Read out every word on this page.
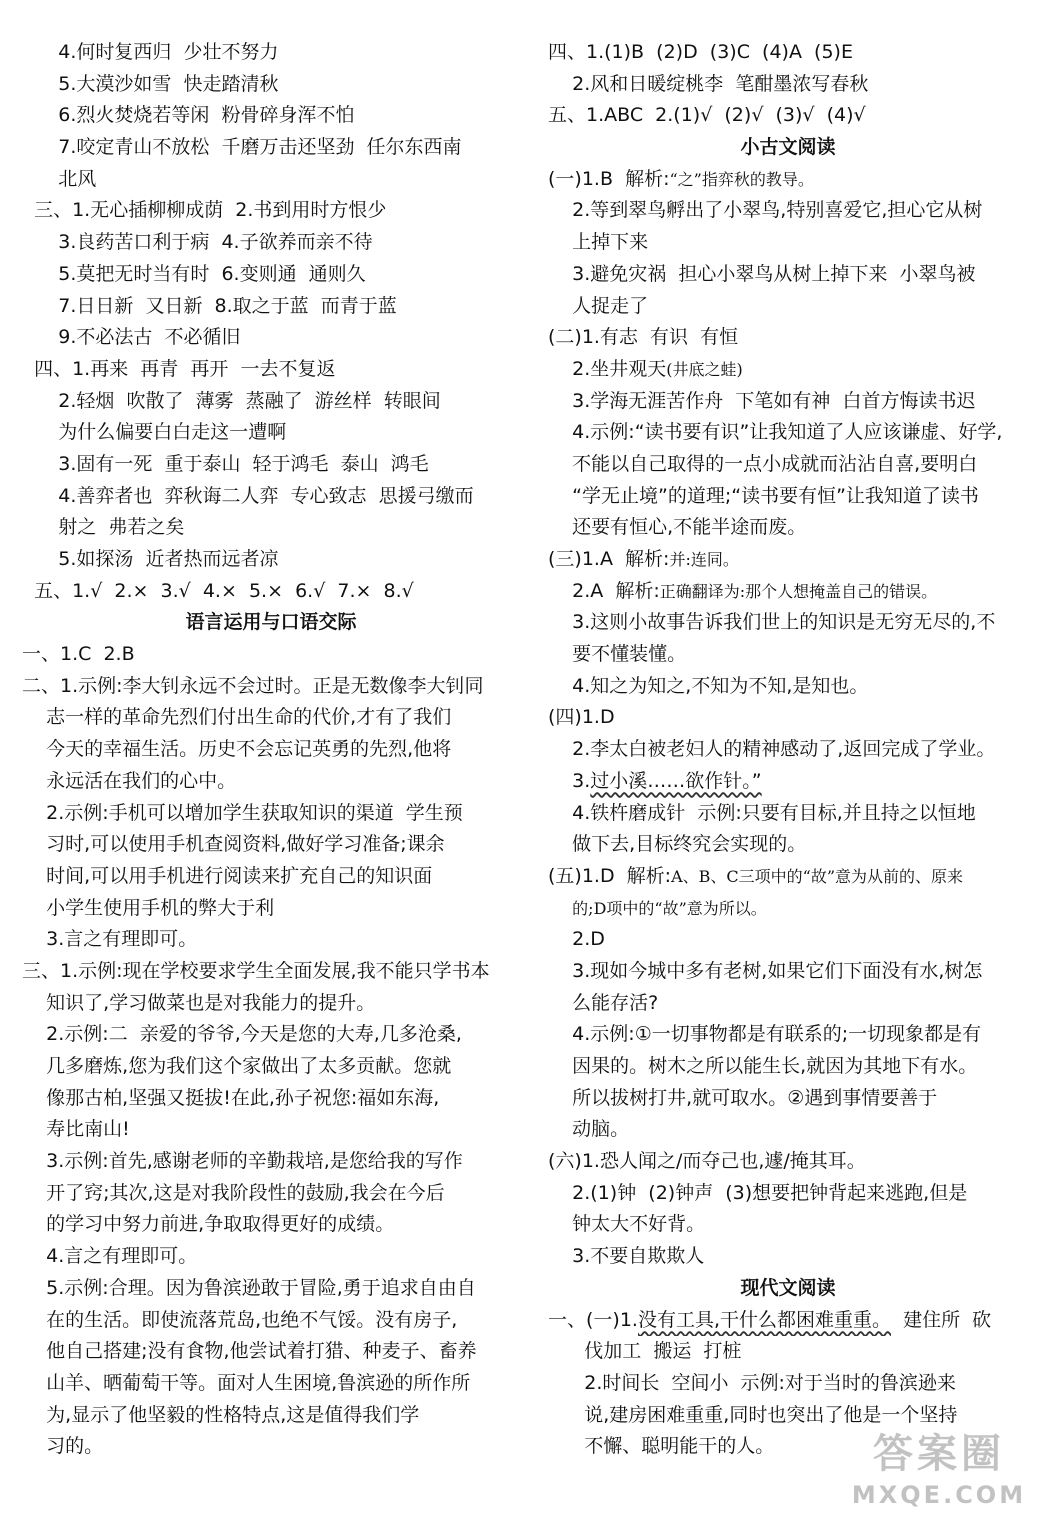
4.何时复西归  少壮不努力
5.大漠沙如雪  快走踏清秋
6.烈火焚烧若等闲  粉骨碎身浑不怕
7.咬定青山不放松  千磨万击还坚劲  任尔东西南
北风
三、1.无心插柳柳成荫  2.书到用时方恨少
3.良药苦口利于病  4.子欲养而亲不待
5.莫把无时当有时  6.变则通  通则久
7.日日新  又日新  8.取之于蓝  而青于蓝
9.不必法古  不必循旧
四、1.再来  再青  再开  一去不复返
2.轻烟  吹散了  薄雾  蒸融了  游丝样  转眼间
为什么偏要白白走这一遭啊
3.固有一死  重于泰山  轻于鸿毛  泰山  鸿毛
4.善弈者也  弈秋诲二人弈  专心致志  思援弓缴而
射之  弗若之矣
5.如探汤  近者热而远者凉
五、1.√  2.×  3.√  4.×  5.×  6.√  7.×  8.√
语言运用与口语交际
一、1.C  2.B
二、1.示例:李大钊永远不会过时。正是无数像李大钊同
志一样的革命先烈们付出生命的代价,才有了我们
今天的幸福生活。历史不会忘记英勇的先烈,他将
永远活在我们的心中。
2.示例:手机可以增加学生获取知识的渠道  学生预
习时,可以使用手机查阅资料,做好学习准备;课余
时间,可以用手机进行阅读来扩充自己的知识面
小学生使用手机的弊大于利
3.言之有理即可。
三、1.示例:现在学校要求学生全面发展,我不能只学书本
知识了,学习做菜也是对我能力的提升。
2.示例:二  亲爱的爷爷,今天是您的大寿,几多沧桑,
几多磨炼,您为我们这个家做出了太多贡献。您就
像那古柏,坚强又挺拔!在此,孙子祝您:福如东海,
寿比南山!
3.示例:首先,感谢老师的辛勤栽培,是您给我的写作
开了窍;其次,这是对我阶段性的鼓励,我会在今后
的学习中努力前进,争取取得更好的成绩。
4.言之有理即可。
5.示例:合理。因为鲁滨逊敢于冒险,勇于追求自由自
在的生活。即使流落荒岛,也绝不气馁。没有房子,
他自己搭建;没有食物,他尝试着打猎、种麦子、畜养
山羊、晒葡萄干等。面对人生困境,鲁滨逊的所作所
为,显示了他坚毅的性格特点,这是值得我们学
习的。
四、1.(1)B  (2)D  (3)C  (4)A  (5)E
2.风和日暖绽桃李  笔酣墨浓写春秋
五、1.ABC  2.(1)√  (2)√  (3)√  (4)√
小古文阅读
(一)1.B  解析:“之”指弈秋的教导。
2.等到翠鸟孵出了小翠鸟,特别喜爱它,担心它从树
上掉下来
3.避免灾祸  担心小翠鸟从树上掉下来  小翠鸟被
人捉走了
(二)1.有志  有识  有恒
2.坐井观天(井底之蛙)
3.学海无涯苦作舟  下笔如有神  白首方悔读书迟
4.示例:“读书要有识”让我知道了人应该谦虚、好学,
不能以自己取得的一点小成就而沾沾自喜,要明白
“学无止境”的道理;“读书要有恒”让我知道了读书
还要有恒心,不能半途而废。
(三)1.A  解析:并:连同。
2.A  解析:正确翻译为:那个人想掩盖自己的错误。
3.这则小故事告诉我们世上的知识是无穷无尽的,不
要不懂装懂。
4.知之为知之,不知为不知,是知也。
(四)1.D
2.李太白被老妇人的精神感动了,返回完成了学业。
3.过小溪……欲作针。”
4.铁杵磨成针  示例:只要有目标,并且持之以恒地
做下去,目标终究会实现的。
(五)1.D  解析:A、B、C三项中的“故”意为从前的、原来
的;D项中的“故”意为所以。
2.D
3.现如今城中多有老树,如果它们下面没有水,树怎
么能存活?
4.示例:①一切事物都是有联系的;一切现象都是有
因果的。树木之所以能生长,就因为其地下有水。
所以拔树打井,就可取水。②遇到事情要善于
动脑。
(六)1.恐人闻之/而夺己也,遽/掩其耳。
2.(1)钟  (2)钟声  (3)想要把钟背起来逃跑,但是
钟太大不好背。
3.不要自欺欺人
现代文阅读
一、(一)1.没有工具,干什么都困难重重。  建住所  砍
伐加工  搬运  打桩
2.时间长  空间小  示例:对于当时的鲁滨逊来
说,建房困难重重,同时也突出了他是一个坚持
不懈、聪明能干的人。	答案圈
MXQE.COM
